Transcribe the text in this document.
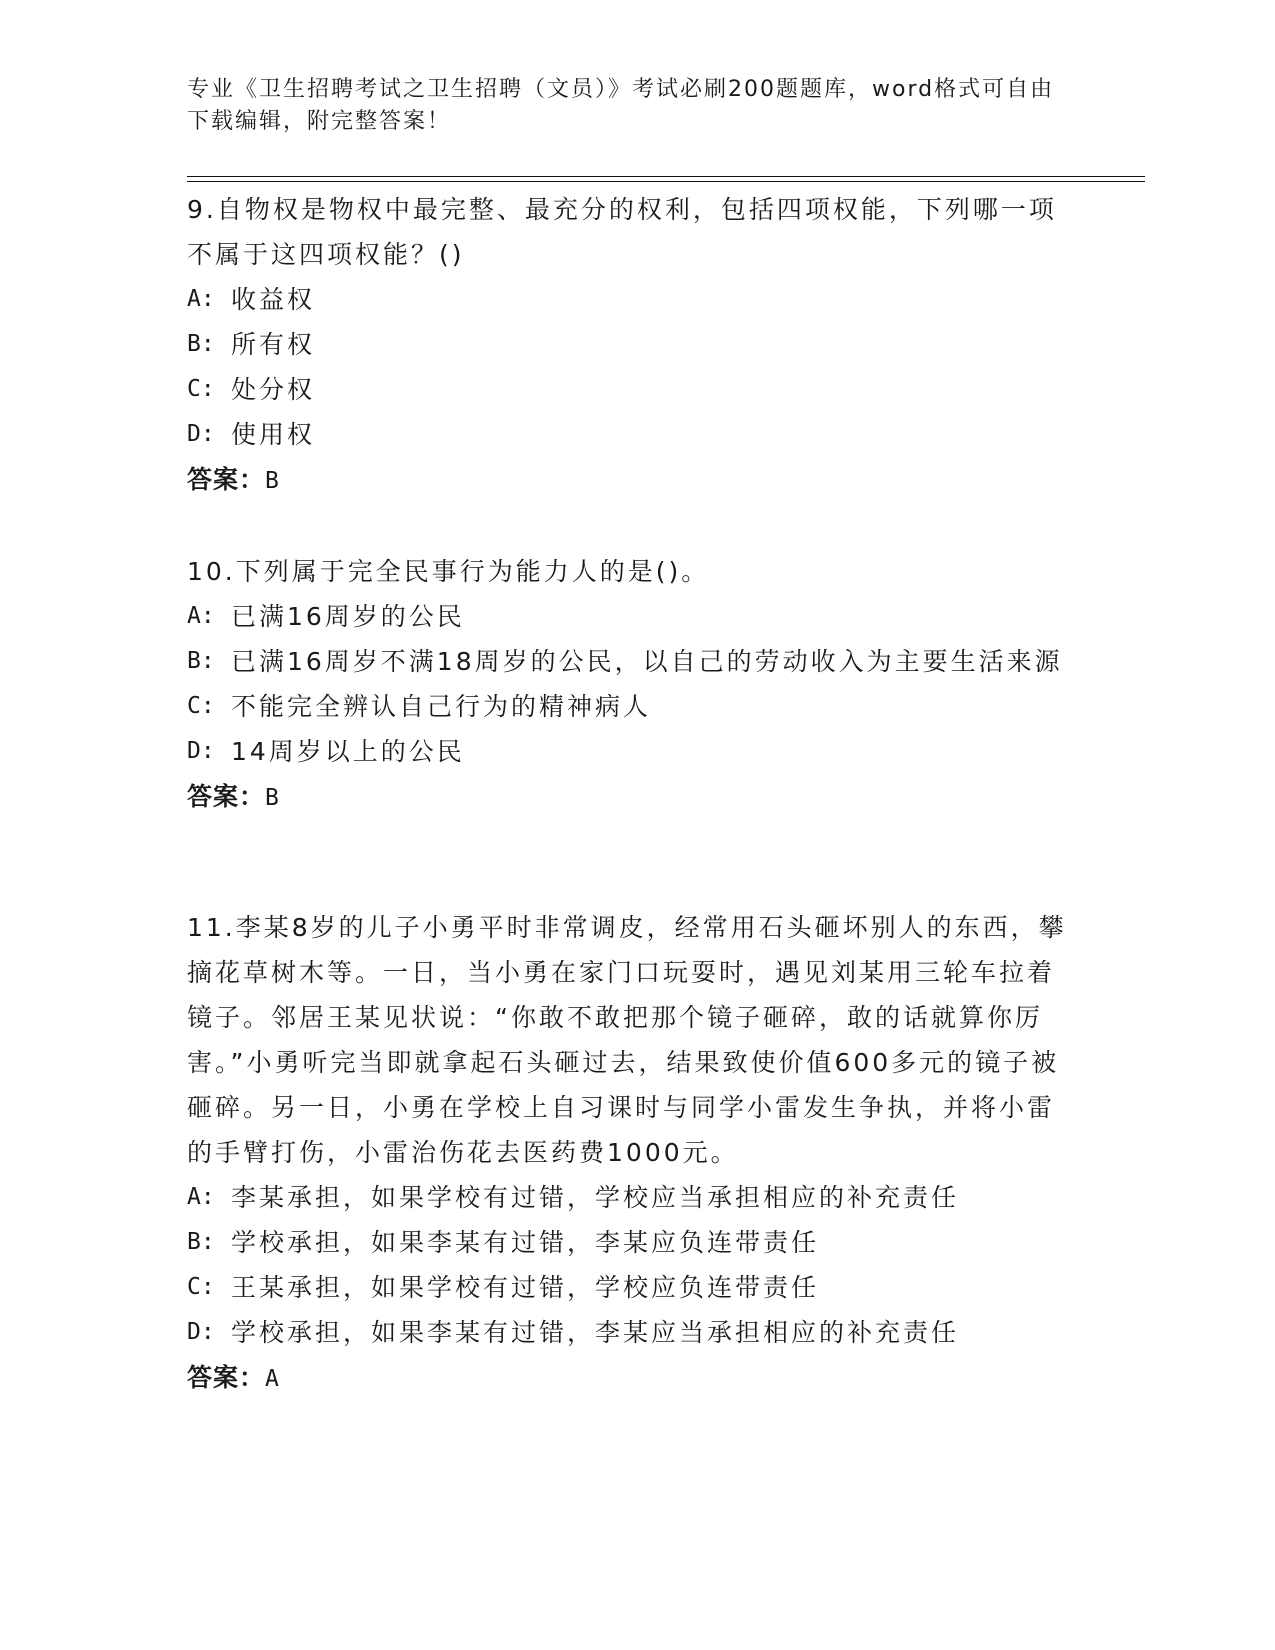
专业《卫生招聘考试之卫生招聘（文员）》考试必刷200题题库，word格式可自由下载编辑，附完整答案！

9.自物权是物权中最完整、最充分的权利，包括四项权能，下列哪一项不属于这四项权能？()

A: 收益权

B: 所有权

C: 处分权

D: 使用权

答案：B

10.下列属于完全民事行为能力人的是()。

A: 已满16周岁的公民

B: 已满16周岁不满18周岁的公民，以自己的劳动收入为主要生活来源

C: 不能完全辨认自己行为的精神病人

D: 14周岁以上的公民

答案：B

11.李某8岁的儿子小勇平时非常调皮，经常用石头砸坏别人的东西，攀摘花草树木等。一日，当小勇在家门口玩耍时，遇见刘某用三轮车拉着镜子。邻居王某见状说：“你敢不敢把那个镜子砸碎，敢的话就算你厉害。”小勇听完当即就拿起石头砸过去，结果致使价值600多元的镜子被砸碎。另一日，小勇在学校上自习课时与同学小雷发生争执，并将小雷的手臂打伤，小雷治伤花去医药费1000元。

A: 李某承担，如果学校有过错，学校应当承担相应的补充责任

B: 学校承担，如果李某有过错，李某应负连带责任

C: 王某承担，如果学校有过错，学校应负连带责任

D: 学校承担，如果李某有过错，李某应当承担相应的补充责任

答案：A
